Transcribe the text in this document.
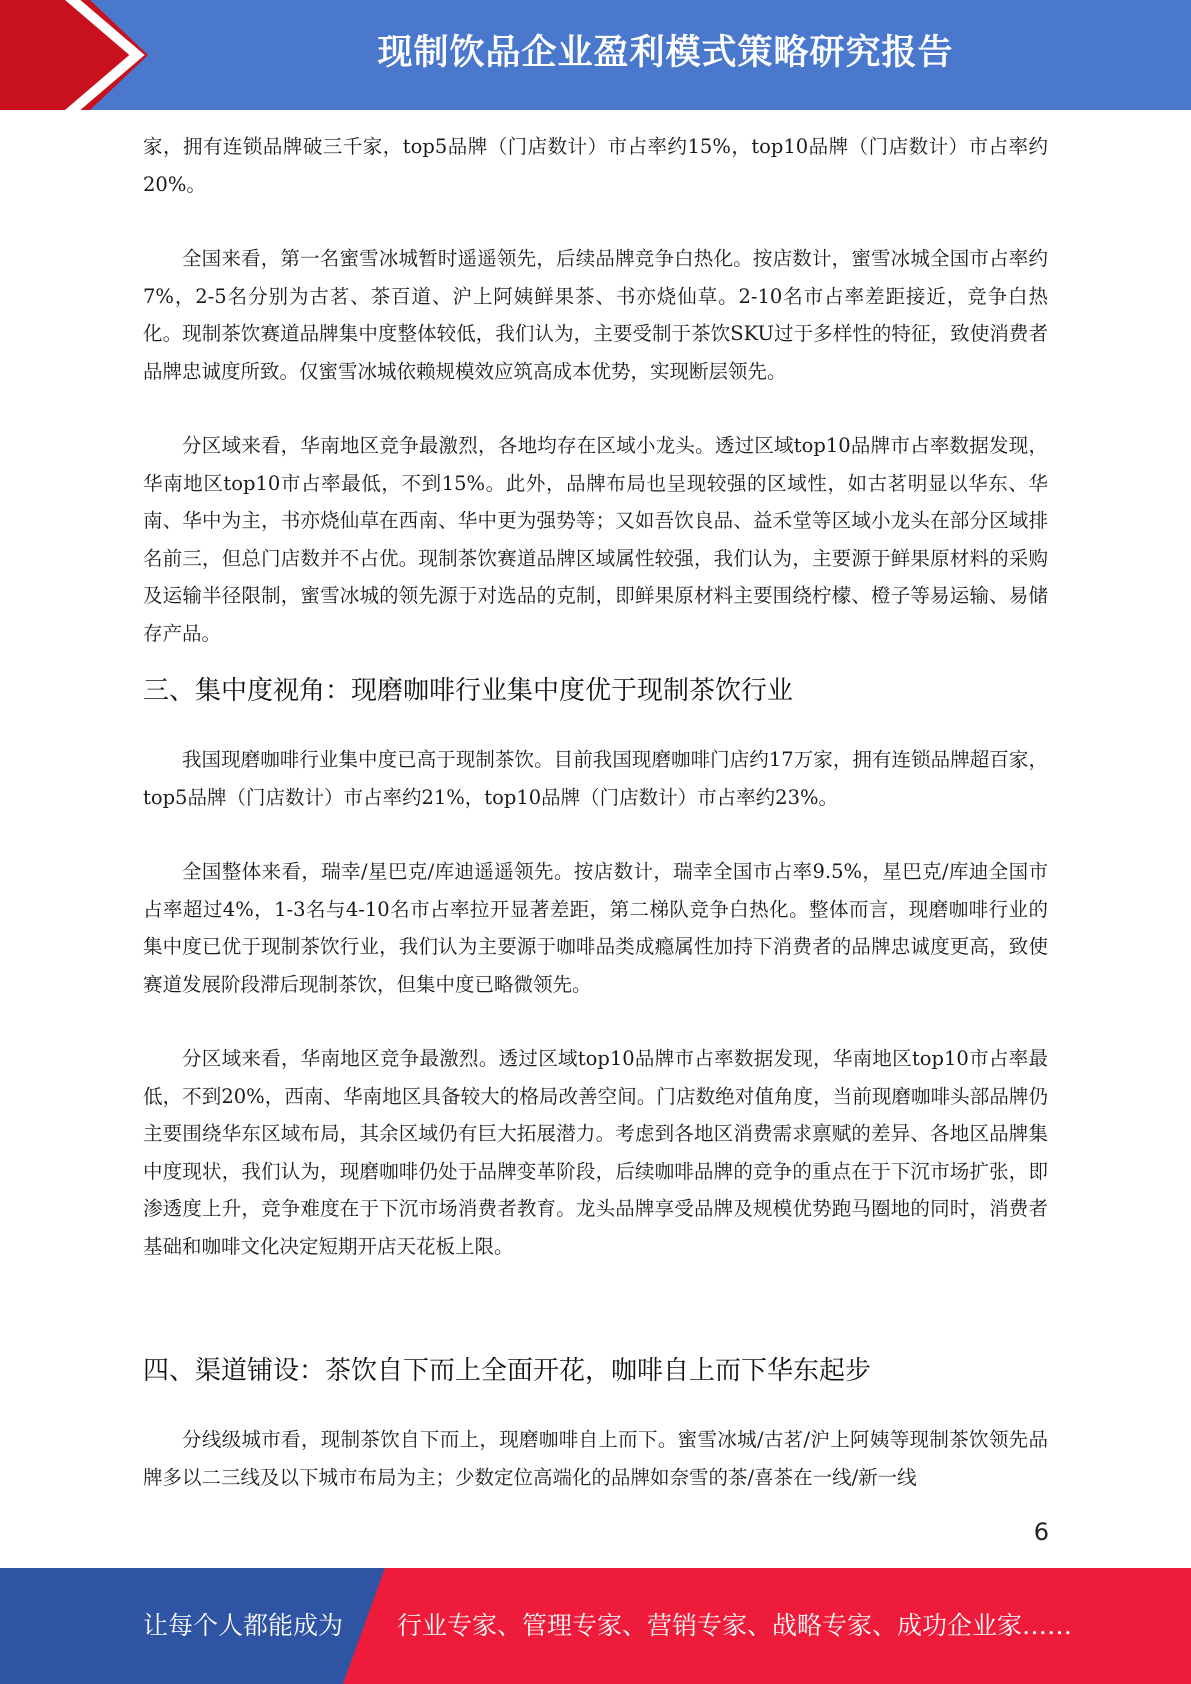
现制饮品企业盈利模式策略研究报告

家，拥有连锁品牌破三千家，top5品牌（门店数计）市占率约15%，top10品牌（门店数计）市占率约20%。

全国来看，第一名蜜雪冰城暂时遥遥领先，后续品牌竞争白热化。按店数计，蜜雪冰城全国市占率约7%，2-5名分别为古茗、茶百道、沪上阿姨鲜果茶、书亦烧仙草。2-10名市占率差距接近，竞争白热化。现制茶饮赛道品牌集中度整体较低，我们认为，主要受制于茶饮SKU过于多样性的特征，致使消费者品牌忠诚度所致。仅蜜雪冰城依赖规模效应筑高成本优势，实现断层领先。

分区域来看，华南地区竞争最激烈，各地均存在区域小龙头。透过区域top10品牌市占率数据发现，华南地区top10市占率最低，不到15%。此外，品牌布局也呈现较强的区域性，如古茗明显以华东、华南、华中为主，书亦烧仙草在西南、华中更为强势等；又如吾饮良品、益禾堂等区域小龙头在部分区域排名前三，但总门店数并不占优。现制茶饮赛道品牌区域属性较强，我们认为，主要源于鲜果原材料的采购及运输半径限制，蜜雪冰城的领先源于对选品的克制，即鲜果原材料主要围绕柠檬、橙子等易运输、易储存产品。

三、集中度视角：现磨咖啡行业集中度优于现制茶饮行业

我国现磨咖啡行业集中度已高于现制茶饮。目前我国现磨咖啡门店约17万家，拥有连锁品牌超百家，top5品牌（门店数计）市占率约21%，top10品牌（门店数计）市占率约23%。

全国整体来看，瑞幸/星巴克/库迪遥遥领先。按店数计，瑞幸全国市占率9.5%，星巴克/库迪全国市占率超过4%，1-3名与4-10名市占率拉开显著差距，第二梯队竞争白热化。整体而言，现磨咖啡行业的集中度已优于现制茶饮行业，我们认为主要源于咖啡品类成瘾属性加持下消费者的品牌忠诚度更高，致使赛道发展阶段滞后现制茶饮，但集中度已略微领先。

分区域来看，华南地区竞争最激烈。透过区域top10品牌市占率数据发现，华南地区top10市占率最低，不到20%，西南、华南地区具备较大的格局改善空间。门店数绝对值角度，当前现磨咖啡头部品牌仍主要围绕华东区域布局，其余区域仍有巨大拓展潜力。考虑到各地区消费需求禀赋的差异、各地区品牌集中度现状，我们认为，现磨咖啡仍处于品牌变革阶段，后续咖啡品牌的竞争的重点在于下沉市场扩张，即渗透度上升，竞争难度在于下沉市场消费者教育。龙头品牌享受品牌及规模优势跑马圈地的同时，消费者基础和咖啡文化决定短期开店天花板上限。

四、渠道铺设：茶饮自下而上全面开花，咖啡自上而下华东起步

分线级城市看，现制茶饮自下而上，现磨咖啡自上而下。蜜雪冰城/古茗/沪上阿姨等现制茶饮领先品牌多以二三线及以下城市布局为主；少数定位高端化的品牌如奈雪的茶/喜茶在一线/新一线

6
让每个人都能成为 行业专家、管理专家、营销专家、战略专家、成功企业家……
